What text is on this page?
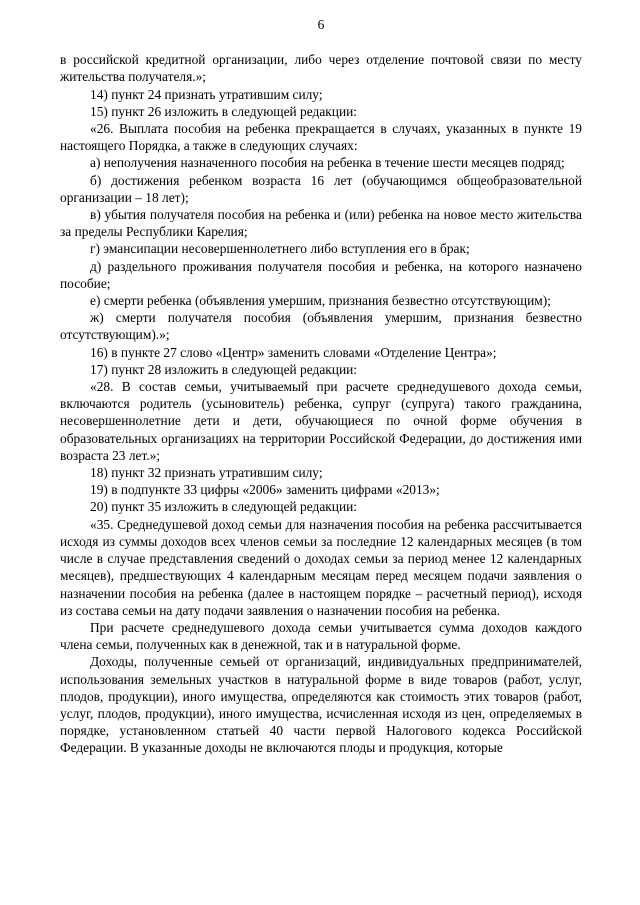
6

в российской кредитной организации, либо через отделение почтовой связи по месту жительства получателя.»;

14) пункт 24 признать утратившим силу;

15) пункт 26 изложить в следующей редакции:

«26. Выплата пособия на ребенка прекращается в случаях, указанных в пункте 19 настоящего Порядка, а также в следующих случаях:

а) неполучения назначенного пособия на ребенка в течение шести месяцев подряд;

б) достижения ребенком возраста 16 лет (обучающимся общеобразовательной организации – 18 лет);

в) убытия получателя пособия на ребенка и (или) ребенка на новое место жительства за пределы Республики Карелия;

г) эмансипации несовершеннолетнего либо вступления его в брак;

д) раздельного проживания получателя пособия и ребенка, на которого назначено пособие;

е) смерти ребенка (объявления умершим, признания безвестно отсутствующим);

ж) смерти получателя пособия (объявления умершим, признания безвестно отсутствующим).»;

16) в пункте 27 слово «Центр» заменить словами «Отделение Центра»;

17) пункт 28 изложить в следующей редакции:

«28. В состав семьи, учитываемый при расчете среднедушевого дохода семьи, включаются родитель (усыновитель) ребенка, супруг (супруга) такого гражданина, несовершеннолетние дети и дети, обучающиеся по очной форме обучения в образовательных организациях на территории Российской Федерации, до достижения ими возраста 23 лет.»;

18) пункт 32 признать утратившим силу;

19) в подпункте 33 цифры «2006» заменить цифрами «2013»;

20) пункт 35 изложить в следующей редакции:

«35. Среднедушевой доход семьи для назначения пособия на ребенка рассчитывается исходя из суммы доходов всех членов семьи за последние 12 календарных месяцев (в том числе в случае представления сведений о доходах семьи за период менее 12 календарных месяцев), предшествующих 4 календарным месяцам перед месяцем подачи заявления о назначении пособия на ребенка (далее в настоящем порядке – расчетный период), исходя из состава семьи на дату подачи заявления о назначении пособия на ребенка.

При расчете среднедушевого дохода семьи учитывается сумма доходов каждого члена семьи, полученных как в денежной, так и в натуральной форме.

Доходы, полученные семьей от организаций, индивидуальных предпринимателей, использования земельных участков в натуральной форме в виде товаров (работ, услуг, плодов, продукции), иного имущества, определяются как стоимость этих товаров (работ, услуг, плодов, продукции), иного имущества, исчисленная исходя из цен, определяемых в порядке, установленном статьей 40 части первой Налогового кодекса Российской Федерации. В указанные доходы не включаются плоды и продукция, которые
